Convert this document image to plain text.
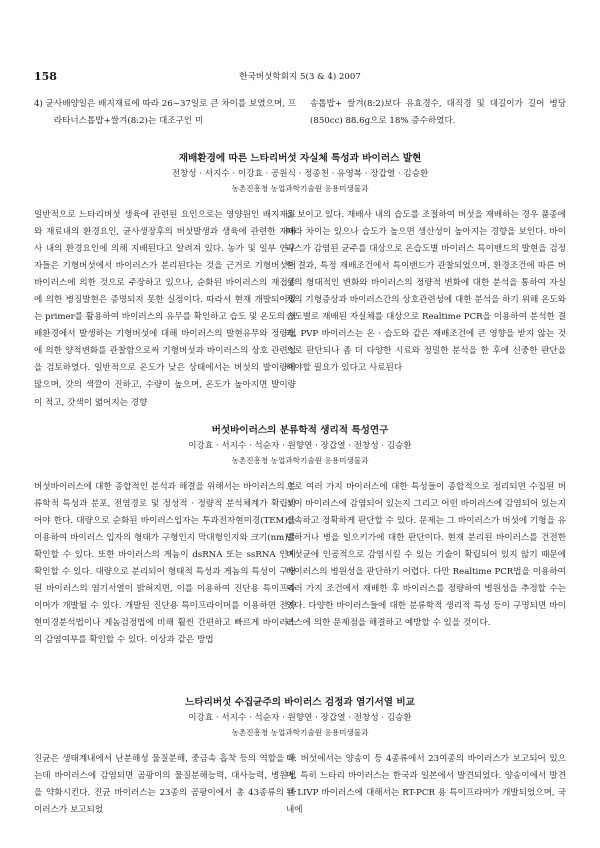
158	한국버섯학회지 5(3 & 4) 2007
4) 균사배양일은 배지재료에 따라 26~37일로 큰 차이를 보였으며, 프라타너스톱밥+쌀겨(8:2)는 대조구인 미
송톱밥+ 쌀겨(8:2)보다 유효경수, 대직경 및 대길이가 길어 병당(850cc) 88.6g으로 18% 증수하였다.
재배환경에 따른 느타리버섯 자실체 특성과 바이러스 발현
전창성 · 서지수 · 이강효 · 공원식 · 정종천 · 유영복 · 장갑열 · 김승환
농촌진흥청 농업과학기술원 응용미생물과
일반적으로 느타리버섯 생육에 관련된 요인으로는 영양원인 배지재료와 재료내의 환경요인, 균사생장후의 버섯발생과 생육에 관련한 재배사 내의 환경요인에 의해 지배된다고 알려져 있다. 농가 및 일부 연구자들은 기형버섯에서 바이러스가 분리된다는 것을 근거로 기형버섯이 바이러스에 의한 것으로 주장하고 있으나, 순화된 바이러스의 재접종에 의한 병징발현은 증명되지 못한 실정이다. 따라서 현재 개발되어있는 primer를 활용하여 바이러스의 유무를 확인하고 습도 및 온도의 재배환경에서 발생하는 기형버섯에 대해 바이러스의 발현유무와 정량법에 의한 양적변화를 관찰함으로써 기형버섯과 바이러스의 상호 관련성을 검토하였다. 일반적으로 온도가 낮은 상태에서는 버섯의 발이량이 많으며, 갓의 색깔이 진하고, 수량이 높으며, 온도가 높아지면 발이량이 적고, 갓색이 엷어지는 경향
을 보이고 있다. 재배사 내의 습도를 조절하여 버섯을 재배하는 경우 품종에 따라 차이는 있으나 습도가 높으면 생산성이 높아지는 경향을 보인다. 바이러스가 감염된 균주를 대상으로 온습도별 바이러스 특이밴드의 발현을 검정한 결과, 특정 재배조건에서 특이밴드가 관찰되었으며, 환경조건에 따른 버섯의 형태적인 변화와 바이러스의 정량적 변화에 대한 분석을 통하여 자실체의 기형증상과 바이러스간의 상호관련성에 대한 분석을 하기 위해 온도와 습도별로 재배된 자실체를 대상으로 Realtime PCR을 이용하여 분석한 결과, PVP 바이러스는 온 · 습도와 같은 재배조건에 큰 영향을 받지 않는 것으로 판단되나 좀 더 다양한 시료와 정밀한 분석을 한 후에 신중한 판단을 해야할 필요가 있다고 사료된다
버섯바이러스의 분류학적 생리적 특성연구
이강효 · 서지수 · 석순자 · 원향연 · 장갑열 · 전창성 · 김승환
농촌진흥청 농업과학기술원 응용미생물과
버섯바이러스에 대한 종합적인 분석과 해결을 위해서는 바이러스의 분류학적 특성과 분포, 전염경로 및 정성적 · 정량적 분석체계가 확립되어야 한다. 대량으로 순화된 바이러스입자는 투과전자현미경(TEM)을 이용하여 바이러스 입자의 형태가 구형인지 막대형인지와 크기(nm)를 확인할 수 있다. 또한 바이러스의 게놈이 dsRNA 또는 ssRNA 인지 확인할 수 있다. 대량으로 분리되어 형태적 특성과 게놈의 특성이 구명된 바이러스의 염기서열이 밝혀지면, 이를 이용하여 진단용 특이프라이머가 개발될 수 있다. 개발된 진단용 특이프라이머를 이용하면 전자현미경분석법이나 게놈검정법에 비해 훨씬 간편하고 빠르게 바이러스의 감염여부를 확인할 수 있다. 이상과 같은 방법
으로 여러 가지 바이러스에 대한 특성들이 종합적으로 정리되면 수집된 버섯이 바이러스에 감염되어 있는지 그리고 어떤 바이러스에 감염되어 있는지 신속하고 정확하게 판단할 수 있다. 문제는 그 바이러스가 버섯에 기형을 유발하거나 병을 일으키가에 대한 판단이다. 현재 분리된 바이러스를 건전한 버섯균에 인공적으로 감염시킬 수 있는 기술이 확립되어 있지 않기 때문에 바이러스의 병원성을 판단하기 어렵다. 다만 Realtime PCR법을 이용하여 여러 가지 조건에서 재배한 후 바이러스를 정량하여 병원성을 추정할 수는 있다. 다양한 바이러스들에 대한 분류학적 생리적 특성 등이 구명되면 바이러스에 의한 문제점을 해결하고 예방할 수 있을 것이다.
느타리버섯 수집균주의 바이러스 검정과 염기서열 비교
이강효 · 서지수 · 석순자 · 원향연 · 장갑열 · 전창성 · 김승환
농촌진흥청 농업과학기술원 응용미생물과
진균은 생태계내에서 난분해성 물질분해, 중금속 흡착 등의 역할을 하는데 바이러스에 감염되면 곰팡이의 물질분해능력, 대사능력, 병원성을 약화시킨다. 진균 바이러스는 23종의 곰팡이에서 총 43종류의 바이러스가 보고되었
다. 버섯에서는 양송이 등 4종류에서 23여종의 바이러스가 보고되어 있으며, 특히 느타리 바이러스는 한국과 일본에서 발견되었다. 양송이에서 발견된 LIVP 바이러스에 대해서는 RT-PCR 용 특이프라머가 개발되었으며, 국내에
